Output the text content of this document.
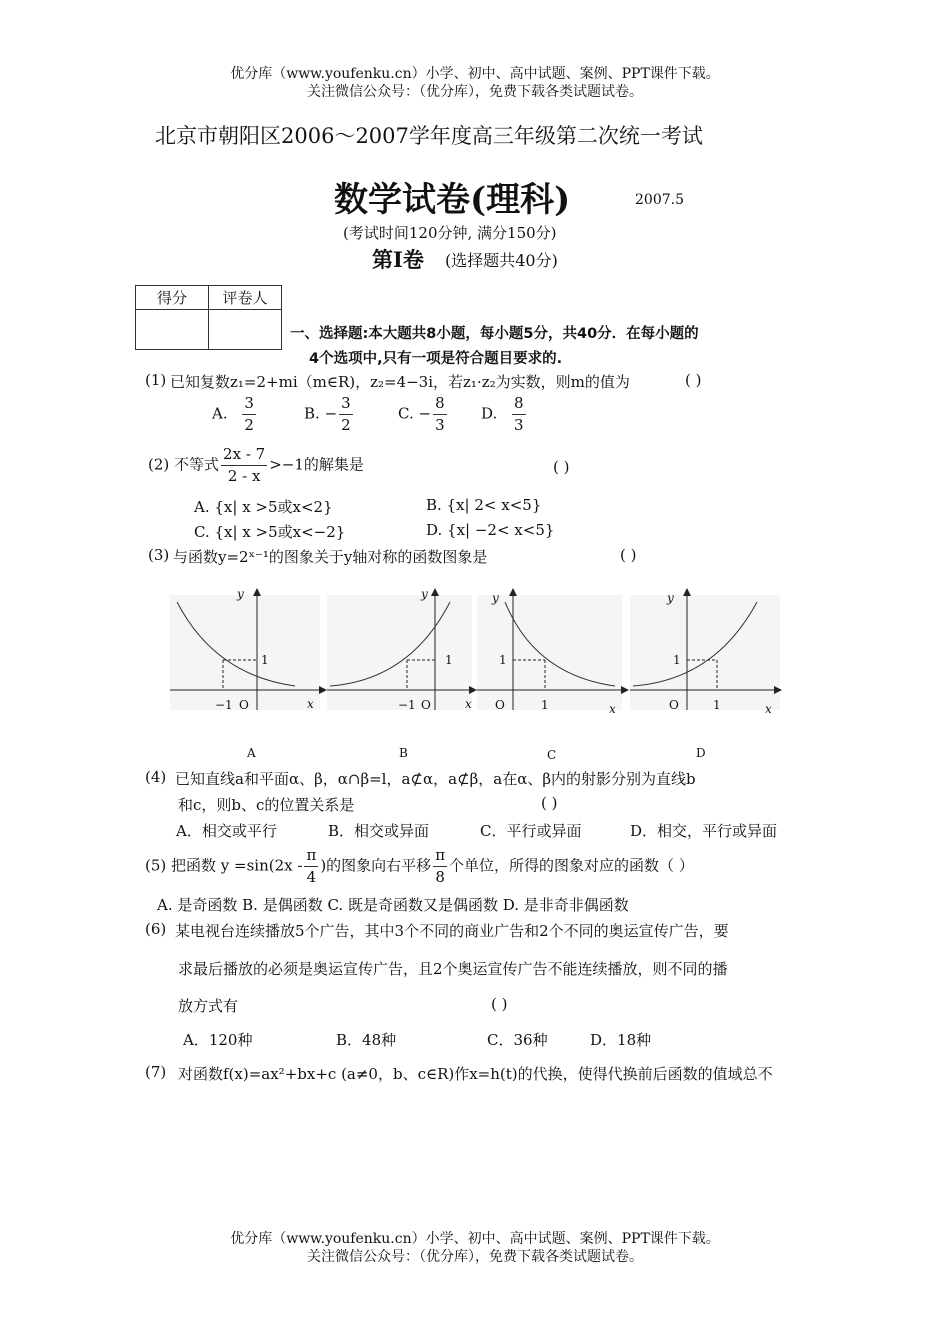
优分库（www.youfenku.cn）小学、初中、高中试题、案例、PPT课件下载。
关注微信公众号：（优分库），免费下载各类试题试卷。
北京市朝阳区2006～2007学年度高三年级第二次统一考试
数学试卷(理科)	2007.5
(考试时间120分钟, 满分150分)
第Ⅰ卷 (选择题共40分)
得分	评卷人

一、选择题:本大题共8小题，每小题5分，共40分．在每小题的
4个选项中,只有一项是符合题目要求的.
(1) 已知复数z₁=2+mi（m∈R)，z₂=4−3i，若z₁·z₂为实数，则m的值为	( )
A. $\frac{3}{2}$	B. − $\frac{3}{2}$	C. − $\frac{8}{3} D$. $\frac{8}{3}$
(2) 不等式 $\frac{2x - 7}{2 - x} >-1$的解集是	( )
A. {x| x >5或x<2}	B. {x| 2< x<5}
C. {x| x >5或x<−2}	D. {x| −2< x<5}
(3) 与函数y=2ˣ⁻¹的图象关于y轴对称的函数图象是	( )
y
x
O
1
−1
y
x
O
1
−1
y
x
O
1
1
y
x
O
1
1
A	B	C	D
(4) 已知直线a和平面α、β，α∩β=l，a⊄α，a⊄β，a在α、β内的射影分别为直线b
和c，则b、c的位置关系是	( )
A．相交或平行	B．相交或异面	C．平行或异面	D．相交，平行或异面
(5) 把函数 $y =\sin(2x - \frac{\pi}{4}$ )的图象向右平移 $\frac{\pi}{8}$ 个单位，所得的图象对应的函数（ ）
A. 是奇函数 B. 是偶函数 C. 既是奇函数又是偶函数 D. 是非奇非偶函数
(6) 某电视台连续播放5个广告，其中3个不同的商业广告和2个不同的奥运宣传广告，要
求最后播放的必须是奥运宣传广告，且2个奥运宣传广告不能连续播放，则不同的播
放方式有	( )
A．120种	B．48种	C．36种	D．18种
(7) 对函数f(x)=ax²+bx+c (a≠0，b、c∈R)作x=h(t)的代换，使得代换前后函数的值域总不
优分库（www.youfenku.cn）小学、初中、高中试题、案例、PPT课件下载。
关注微信公众号：（优分库），免费下载各类试题试卷。
